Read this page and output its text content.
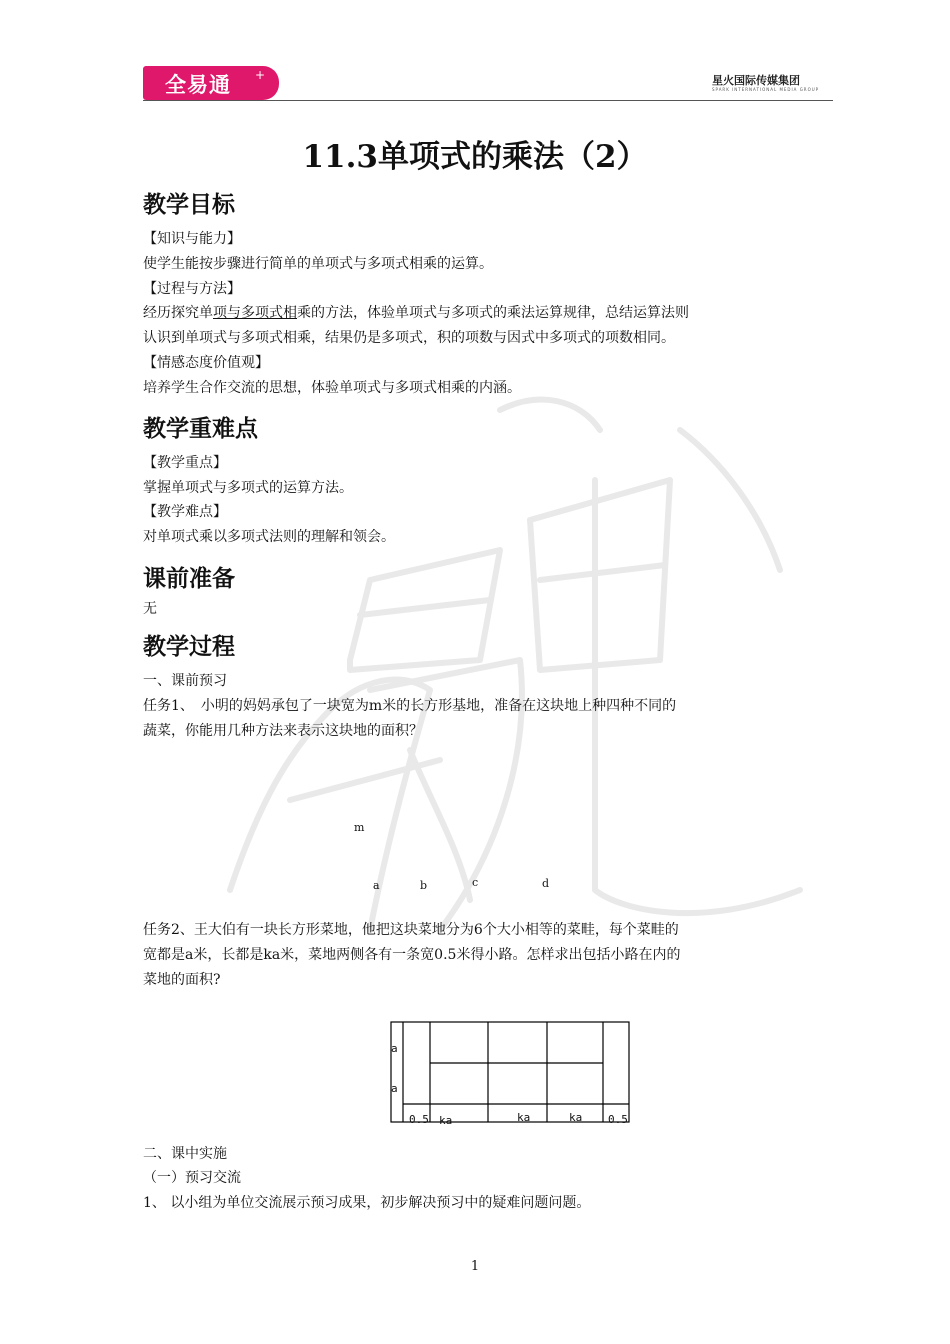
全易通 +	星火国际传媒集团
SPARK INTERNATIONAL MEDIA GROUP
11.3单项式的乘法（2）
教学目标
【知识与能力】
使学生能按步骤进行简单的单项式与多项式相乘的运算。
【过程与方法】
经历探究单项与多项式相乘的方法，体验单项式与多项式的乘法运算规律，总结运算法则
认识到单项式与多项式相乘，结果仍是多项式，积的项数与因式中多项式的项数相同。
【情感态度价值观】
培养学生合作交流的思想，体验单项式与多项式相乘的内涵。
教学重难点
【教学重点】
掌握单项式与多项式的运算方法。
【教学难点】
对单项式乘以多项式法则的理解和领会。
课前准备
无
教学过程
一、课前预习
任务1、　小明的妈妈承包了一块宽为m米的长方形基地，准备在这块地上种四种不同的
蔬菜，你能用几种方法来表示这块地的面积？
m
a	b	c	d
任务2、王大伯有一块长方形菜地，他把这块菜地分为6个大小相等的菜畦，每个菜畦的
宽都是a米，长都是ka米，菜地两侧各有一条宽0.5米得小路。怎样求出包括小路在内的
菜地的面积?
a
a
0.5 ka	ka	ka 0.5
二、课中实施
（一）预习交流
1、 以小组为单位交流展示预习成果，初步解决预习中的疑难问题问题。
1
